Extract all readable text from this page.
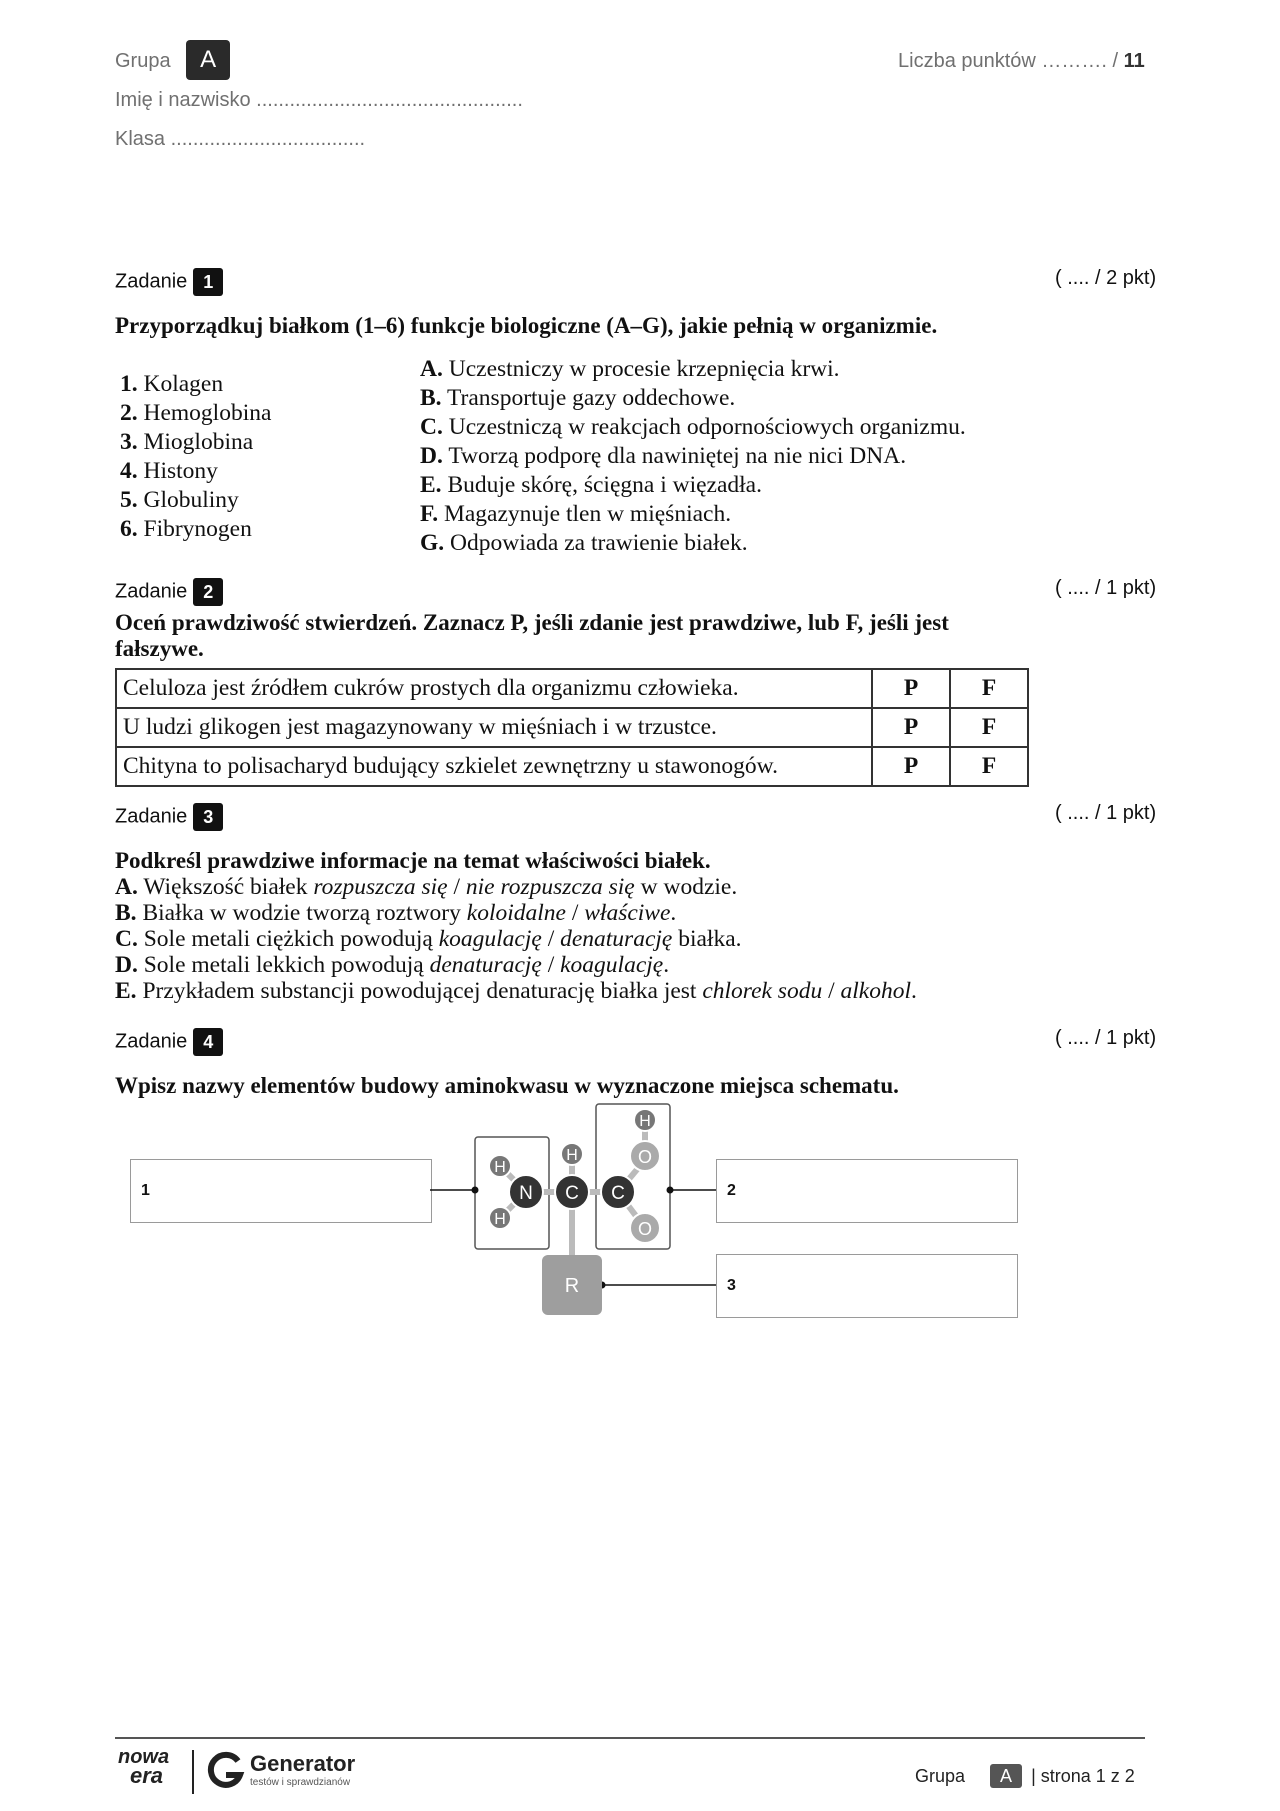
Grupa A
Imię i nazwisko ................................................
Klasa ...................................
Liczba punktów ………. / 11
Zadanie 1	( .... / 2 pkt)
Przyporządkuj białkom (1–6) funkcje biologiczne (A–G), jakie pełnią w organizmie.
1. Kolagen
2. Hemoglobina
3. Mioglobina
4. Histony
5. Globuliny
6. Fibrynogen
A. Uczestniczy w procesie krzepnięcia krwi.
B. Transportuje gazy oddechowe.
C. Uczestniczą w reakcjach odpornościowych organizmu.
D. Tworzą podporę dla nawiniętej na nie nici DNA.
E. Buduje skórę, ścięgna i więzadła.
F. Magazynuje tlen w mięśniach.
G. Odpowiada za trawienie białek.
Zadanie 2	( .... / 1 pkt)
Oceń prawdziwość stwierdzeń. Zaznacz P, jeśli zdanie jest prawdziwe, lub F, jeśli jest fałszywe.
Celuloza jest źródłem cukrów prostych dla organizmu człowieka.	P	F
U ludzi glikogen jest magazynowany w mięśniach i w trzustce.	P	F
Chityna to polisacharyd budujący szkielet zewnętrzny u stawonogów.	P	F
Zadanie 3	( .... / 1 pkt)
Podkreśl prawdziwe informacje na temat właściwości białek.
A. Większość białek rozpuszcza się / nie rozpuszcza się w wodzie.
B. Białka w wodzie tworzą roztwory koloidalne / właściwe.
C. Sole metali ciężkich powodują koagulację / denaturację białka.
D. Sole metali lekkich powodują denaturację / koagulację.
E. Przykładem substancji powodującej denaturację białka jest chlorek sodu / alkohol.
Zadanie 4	( .... / 1 pkt)
Wpisz nazwy elementów budowy aminokwasu w wyznaczone miejsca schematu.
1	2
3
R
H
H
H
H
O
O
N C C
nowa
era	Generator
testów i sprawdzianów	Grupa A | strona 1 z 2
